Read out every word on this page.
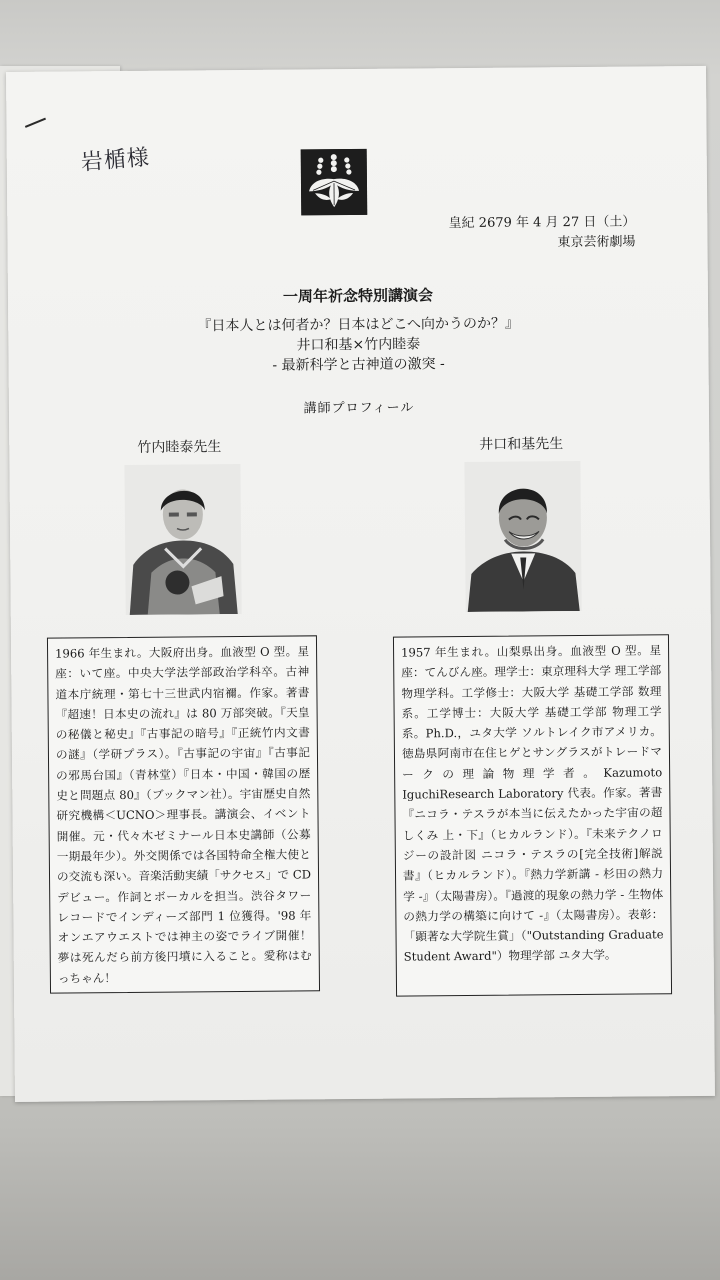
岩楯様
皇紀 2679 年 4 月 27 日（土）
東京芸術劇場
一周年祈念特別講演会
『日本人とは何者か？日本はどこへ向かうのか？』
井口和基×竹内睦泰
- 最新科学と古神道の激突 -
講師プロフィール
竹内睦泰先生	井口和基先生
1966 年生まれ。大阪府出身。血液型 O 型。星座：いて座。中央大学法学部政治学科卒。古神道本庁統理・第七十三世武内宿禰。作家。著書『超速！日本史の流れ』は 80 万部突破。『天皇の秘儀と秘史』『古事記の暗号』『正統竹内文書の謎』（学研プラス）。『古事記の宇宙』『古事記の邪馬台国』（青林堂）『日本・中国・韓国の歴史と問題点 80』（ブックマン社）。宇宙歴史自然研究機構＜UCNO＞理事長。講演会、イベント開催。元・代々木ゼミナール日本史講師（公募一期最年少）。外交関係では各国特命全権大使との交流も深い。音楽活動実績「サクセス」で CD デビュー。作詞とボーカルを担当。渋谷タワーレコードでインディーズ部門 1 位獲得。'98 年オンエアウエストでは神主の姿でライブ開催！夢は死んだら前方後円墳に入ること。愛称はむっちゃん！
1957 年生まれ。山梨県出身。血液型 O 型。星座：てんびん座。理学士：東京理科大学 理工学部 物理学科。工学修士：大阪大学 基礎工学部 数理系。工学博士：大阪大学 基礎工学部 物理工学系。Ph.D.，ユタ大学 ソルトレイク市アメリカ。徳島県阿南市在住ヒゲとサングラスがトレードマークの理論物理学者。Kazumoto IguchiResearch Laboratory 代表。作家。著書『ニコラ・テスラが本当に伝えたかった宇宙の超しくみ 上・下』（ヒカルランド）。『未来テクノロジーの設計図 ニコラ・テスラの[完全技術]解説書』（ヒカルランド）。『熱力学新講 - 杉田の熱力学 -』（太陽書房）。『過渡的現象の熱力学 - 生物体の熱力学の構築に向けて -』（太陽書房）。表彰：「顕著な大学院生賞」（"Outstanding Graduate Student Award"）物理学部 ユタ大学。
